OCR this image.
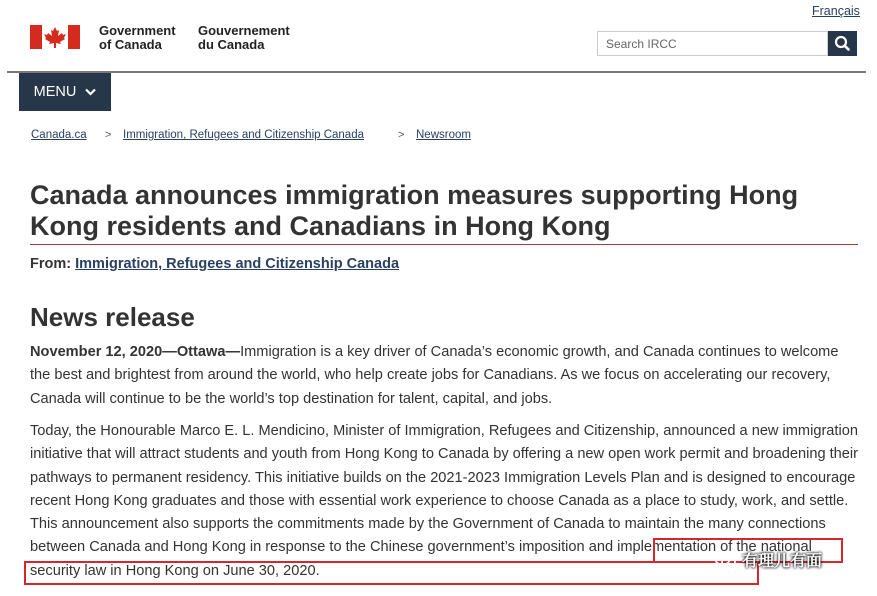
Français
Government
of Canada
Gouvernement
du Canada
Search IRCC
MENU
Canada.ca > Immigration, Refugees and Citizenship Canada	> Newsroom
Canada announces immigration measures supporting Hong Kong residents and Canadians in Hong Kong
From: Immigration, Refugees and Citizenship Canada
News release

November 12, 2020—Ottawa—Immigration is a key driver of Canada’s economic growth, and Canada continues to welcome the best and brightest from around the world, who help create jobs for Canadians. As we focus on accelerating our recovery, Canada will continue to be the world’s top destination for talent, capital, and jobs.

Today, the Honourable Marco E. L. Mendicino, Minister of Immigration, Refugees and Citizenship, announced a new immigration initiative that will attract students and youth from Hong Kong to Canada by offering a new open work permit and broadening their pathways to permanent residency. This initiative builds on the 2021-2023 Immigration Levels Plan and is designed to encourage recent Hong Kong graduates and those with essential work experience to choose Canada as a place to study, work, and settle. This announcement also supports the commitments made by the Government of Canada to maintain the many connections between Canada and Hong Kong in response to the Chinese government’s imposition and implementation of the national security law in Hong Kong on June 30, 2020.

有理儿有面
